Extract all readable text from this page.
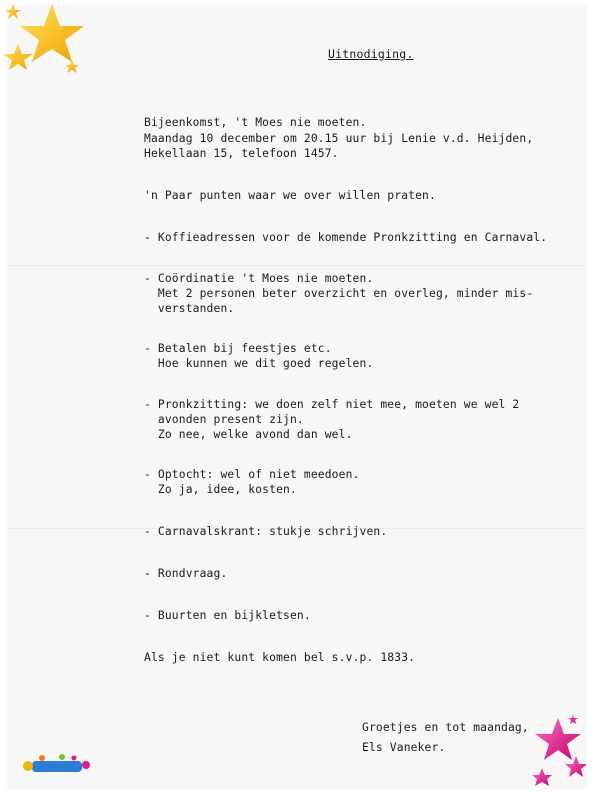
Uitnodiging.
Bijeenkomst, 't Moes nie moeten.
Maandag 10 december om 20.15 uur bij Lenie v.d. Heijden,
Hekellaan 15, telefoon 1457.
'n Paar punten waar we over willen praten.
- Koffieadressen voor de komende Pronkzitting en Carnaval.
- Coördinatie 't Moes nie moeten.
Met 2 personen beter overzicht en overleg, minder mis-
verstanden.
- Betalen bij feestjes etc.
Hoe kunnen we dit goed regelen.
- Pronkzitting: we doen zelf niet mee, moeten we wel 2
avonden present zijn.
Zo nee, welke avond dan wel.
- Optocht: wel of niet meedoen.
Zo ja, idee, kosten.
- Carnavalskrant: stukje schrijven.
- Rondvraag.
- Buurten en bijkletsen.
Als je niet kunt komen bel s.v.p. 1833.
Groetjes en tot maandag,
Els Vaneker.
